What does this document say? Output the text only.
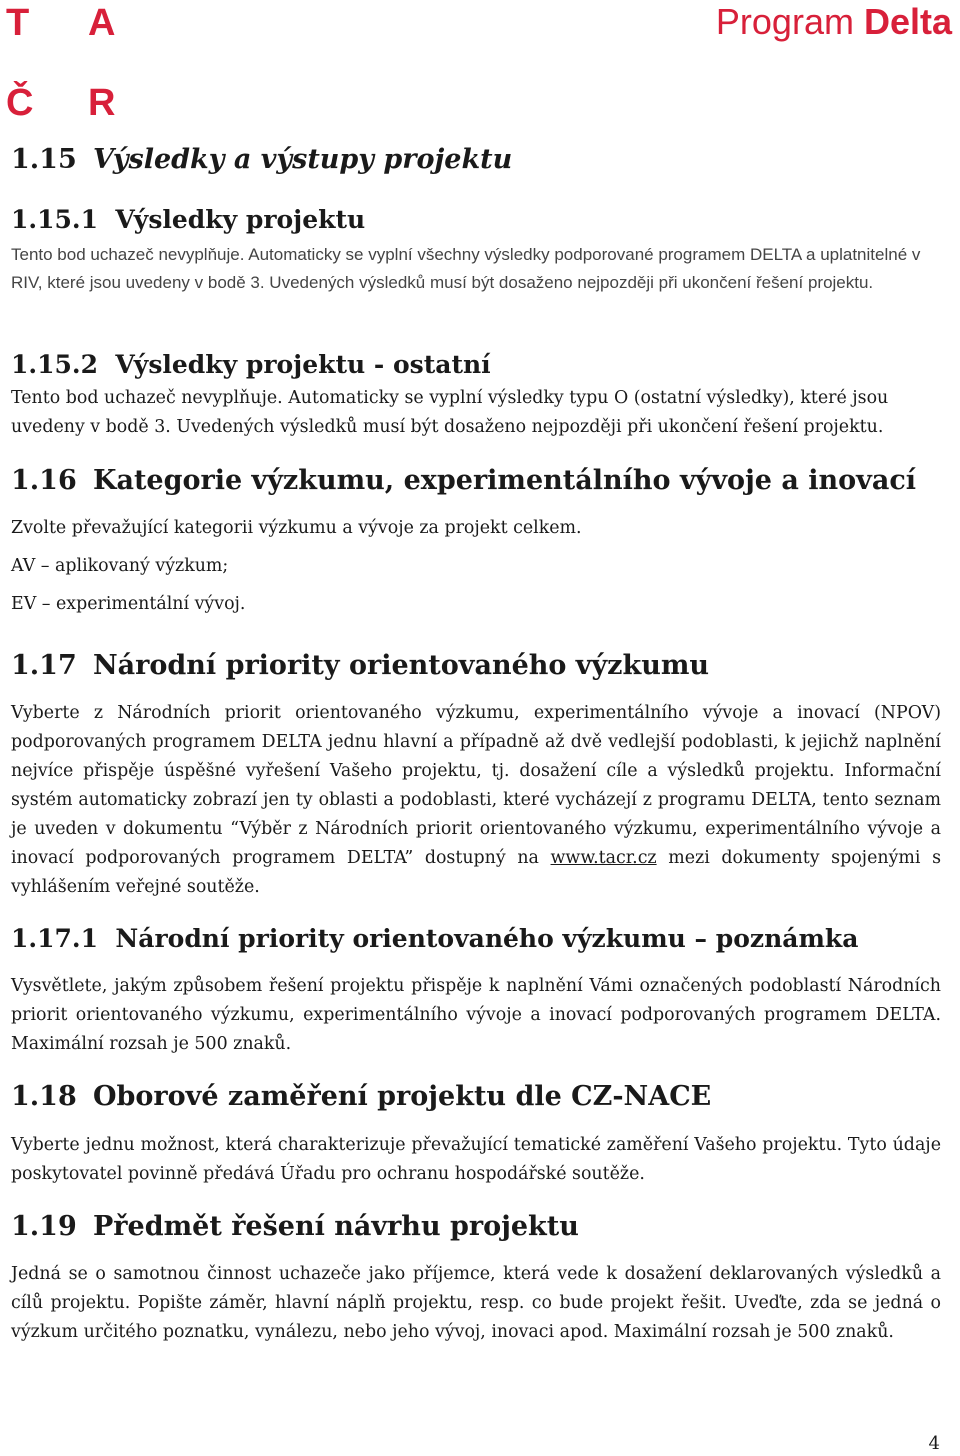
T A
Č R
Program Delta
1.15 Výsledky a výstupy projektu
1.15.1 Výsledky projektu

Tento bod uchazeč nevyplňuje. Automaticky se vyplní všechny výsledky podporované programem DELTA a uplatnitelné v RIV, které jsou uvedeny v bodě 3. Uvedených výsledků musí být dosaženo nejpozději při ukončení řešení projektu.

1.15.2 Výsledky projektu - ostatní

Tento bod uchazeč nevyplňuje. Automaticky se vyplní výsledky typu O (ostatní výsledky), které jsou uvedeny v bodě 3. Uvedených výsledků musí být dosaženo nejpozději při ukončení řešení projektu.

1.16 Kategorie výzkumu, experimentálního vývoje a inovací
Zvolte převažující kategorii výzkumu a vývoje za projekt celkem.
AV – aplikovaný výzkum;
EV – experimentální vývoj.
1.17 Národní priority orientovaného výzkumu

Vyberte z Národních priorit orientovaného výzkumu, experimentálního vývoje a inovací (NPOV) podporovaných programem DELTA jednu hlavní a případně až dvě vedlejší podoblasti, k jejichž naplnění nejvíce přispěje úspěšné vyřešení Vašeho projektu, tj. dosažení cíle a výsledků projektu. Informační systém automaticky zobrazí jen ty oblasti a podoblasti, které vycházejí z programu DELTA, tento seznam je uveden v dokumentu “Výběr z Národních priorit orientovaného výzkumu, experimentálního vývoje a inovací podporovaných programem DELTA” dostupný na www.tacr.cz mezi dokumenty spojenými s vyhlášením veřejné soutěže.

1.17.1 Národní priority orientovaného výzkumu – poznámka

Vysvětlete, jakým způsobem řešení projektu přispěje k naplnění Vámi označených podoblastí Národních priorit orientovaného výzkumu, experimentálního vývoje a inovací podporovaných programem DELTA. Maximální rozsah je 500 znaků.

1.18 Oborové zaměření projektu dle CZ-NACE

Vyberte jednu možnost, která charakterizuje převažující tematické zaměření Vašeho projektu. Tyto údaje poskytovatel povinně předává Úřadu pro ochranu hospodářské soutěže.

1.19 Předmět řešení návrhu projektu

Jedná se o samotnou činnost uchazeče jako příjemce, která vede k dosažení deklarovaných výsledků a cílů projektu. Popište záměr, hlavní náplň projektu, resp. co bude projekt řešit. Uveďte, zda se jedná o výzkum určitého poznatku, vynálezu, nebo jeho vývoj, inovaci apod. Maximální rozsah je 500 znaků.

4
